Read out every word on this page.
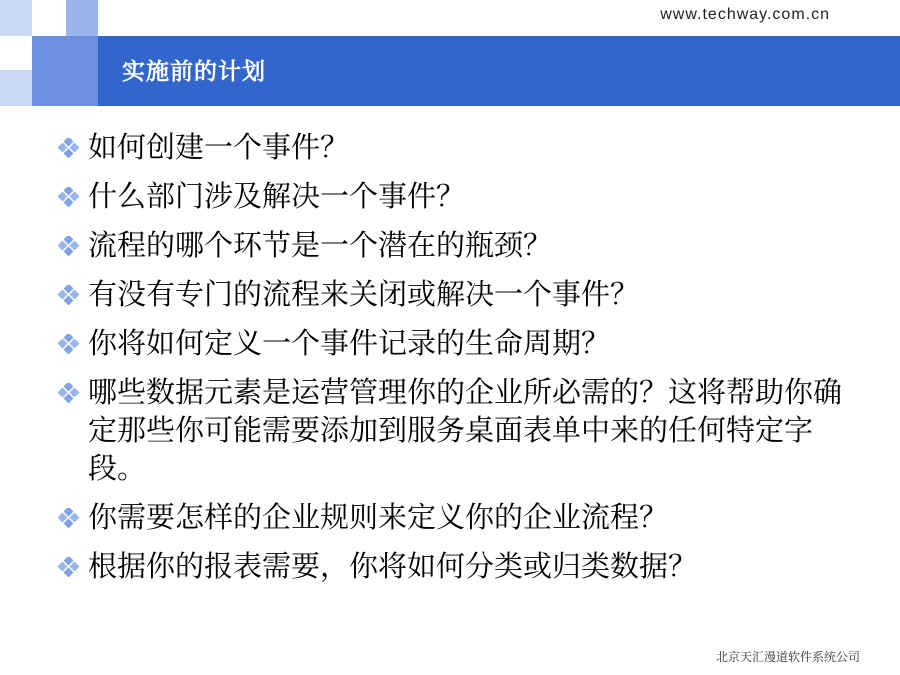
www.techway.com.cn
实施前的计划
如何创建一个事件？
什么部门涉及解决一个事件？
流程的哪个环节是一个潜在的瓶颈？
有没有专门的流程来关闭或解决一个事件？
你将如何定义一个事件记录的生命周期？
哪些数据元素是运营管理你的企业所必需的？这将帮助你确定那些你可能需要添加到服务桌面表单中来的任何特定字段。
你需要怎样的企业规则来定义你的企业流程？
根据你的报表需要，你将如何分类或归类数据？
北京天汇漫道软件系统公司
